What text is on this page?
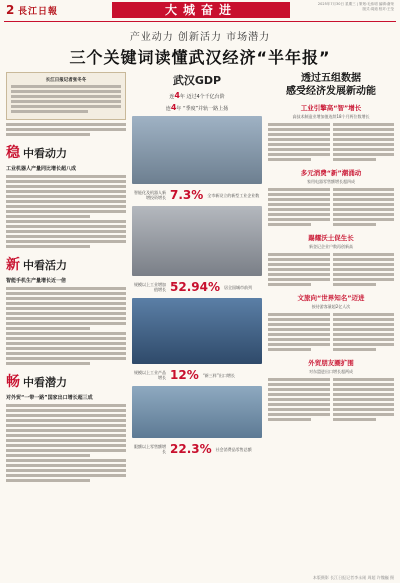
2 長江日報	大城奋进	2025年7月30日 星期三 | 策划:毛伟明 编辑:谢荣 版式:周迪 校对:王莹
产业动力 创新活力 市场潜力
三个关键词读懂武汉经济“半年报”
长江日报记者张冬冬
稳 中看动力
工业机器人产量同比增长超八成
新 中看活力
智能手机生产量增长近一倍
畅 中看潜力
对外贸“一带一路”国家出口增长超三成
武汉GDP
连4年 迈过4个千亿台阶
连4年 “季度”并轨一路上扬
智能化及机器人新增投资增长 7.3% 全市新设立的新型工业企业数
规模以上工业增加值增长 52.94% 居全国城市前列
规模以上工业产品增长 12% “新三样”出口增长
限额以上零售额增长 22.3% 社会消费品零售总额
透过五组数据
感受经济发展新动能
工业引擎高“智”增长
高技术制造业增加值连续18个月两位数增长
多元消费“新”潮涌动
家用电器零售额增长超四成
踢耀沃土促生长
新登记企业户数再创新高
文旅向“世界知名”迈进
接待游客量超2亿人次
外贸朋友圈扩围
对东盟进出口增长超两成
本版摄影 长江日报记者李永刚 周超 许魏巍 摄
